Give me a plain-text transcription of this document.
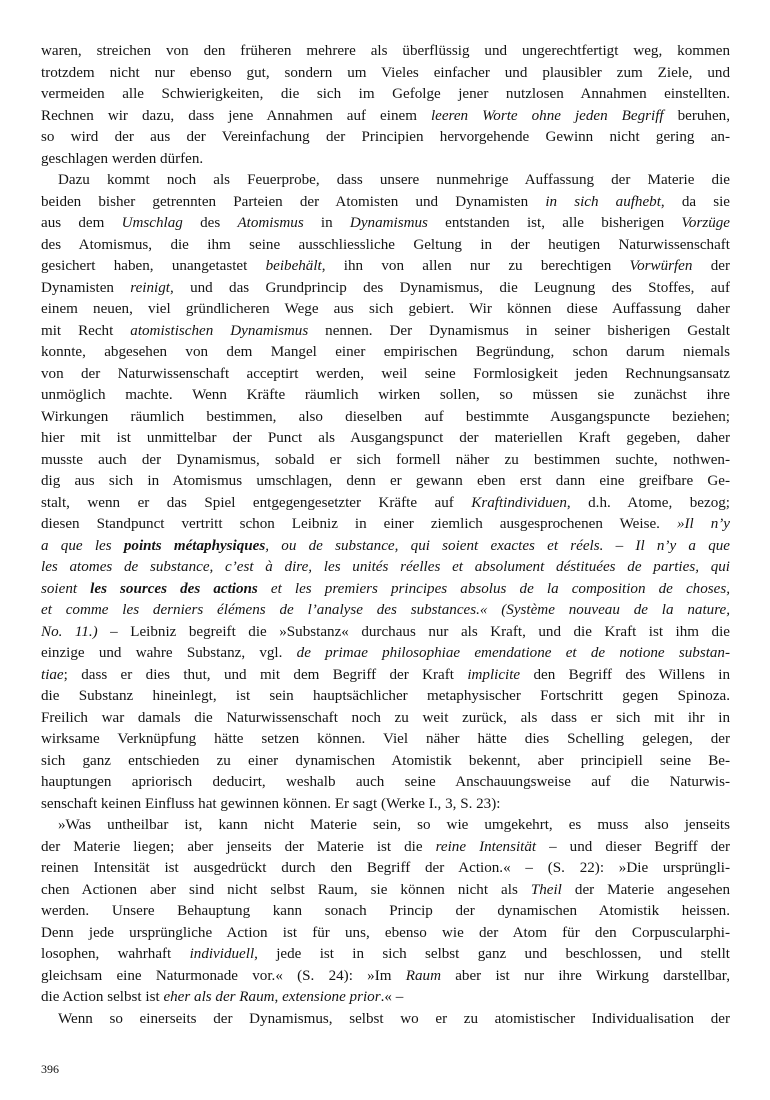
waren, streichen von den früheren mehrere als überflüssig und ungerechtfertigt weg, kommen
trotzdem nicht nur ebenso gut, sondern um Vieles einfacher und plausibler zum Ziele, und
vermeiden alle Schwierigkeiten, die sich im Gefolge jener nutzlosen Annahmen einstellten.
Rechnen wir dazu, dass jene Annahmen auf einem leeren Worte ohne jeden Begriff beruhen,
so wird der aus der Vereinfachung der Principien hervorgehende Gewinn nicht gering an-
geschlagen werden dürfen.
Dazu kommt noch als Feuerprobe, dass unsere nunmehrige Auffassung der Materie die
beiden bisher getrennten Parteien der Atomisten und Dynamisten in sich aufhebt, da sie
aus dem Umschlag des Atomismus in Dynamismus entstanden ist, alle bisherigen Vorzüge
des Atomismus, die ihm seine ausschliessliche Geltung in der heutigen Naturwissenschaft
gesichert haben, unangetastet beibehält, ihn von allen nur zu berechtigen Vorwürfen der
Dynamisten reinigt, und das Grundprincip des Dynamismus, die Leugnung des Stoffes, auf
einem neuen, viel gründlicheren Wege aus sich gebiert. Wir können diese Auffassung daher
mit Recht atomistischen Dynamismus nennen. Der Dynamismus in seiner bisherigen Gestalt
konnte, abgesehen von dem Mangel einer empirischen Begründung, schon darum niemals
von der Naturwissenschaft acceptirt werden, weil seine Formlosigkeit jeden Rechnungsansatz
unmöglich machte. Wenn Kräfte räumlich wirken sollen, so müssen sie zunächst ihre
Wirkungen räumlich bestimmen, also dieselben auf bestimmte Ausgangspuncte beziehen;
hier mit ist unmittelbar der Punct als Ausgangspunct der materiellen Kraft gegeben, daher
musste auch der Dynamismus, sobald er sich formell näher zu bestimmen suchte, nothwen-
dig aus sich in Atomismus umschlagen, denn er gewann eben erst dann eine greifbare Ge-
stalt, wenn er das Spiel entgegengesetzter Kräfte auf Kraftindividuen, d.h. Atome, bezog;
diesen Standpunct vertritt schon Leibniz in einer ziemlich ausgesprochenen Weise. »Il n’y
a que les points métaphysiques, ou de substance, qui soient exactes et réels. – Il n’y a que
les atomes de substance, c’est à dire, les unités réelles et absolument déstituées de parties, qui
soient les sources des actions et les premiers principes absolus de la composition de choses,
et comme les derniers élémens de l’analyse des substances.« (Système nouveau de la nature,
No. 11.) – Leibniz begreift die »Substanz« durchaus nur als Kraft, und die Kraft ist ihm die
einzige und wahre Substanz, vgl. de primae philosophiae emendatione et de notione substan-
tiae; dass er dies thut, und mit dem Begriff der Kraft implicite den Begriff des Willens in
die Substanz hineinlegt, ist sein hauptsächlicher metaphysischer Fortschritt gegen Spinoza.
Freilich war damals die Naturwissenschaft noch zu weit zurück, als dass er sich mit ihr in
wirksame Verknüpfung hätte setzen können. Viel näher hätte dies Schelling gelegen, der
sich ganz entschieden zu einer dynamischen Atomistik bekennt, aber principiell seine Be-
hauptungen apriorisch deducirt, weshalb auch seine Anschauungsweise auf die Naturwis-
senschaft keinen Einfluss hat gewinnen können. Er sagt (Werke I., 3, S. 23):
»Was untheilbar ist, kann nicht Materie sein, so wie umgekehrt, es muss also jenseits
der Materie liegen; aber jenseits der Materie ist die reine Intensität – und dieser Begriff der
reinen Intensität ist ausgedrückt durch den Begriff der Action.« – (S. 22): »Die ursprüngli-
chen Actionen aber sind nicht selbst Raum, sie können nicht als Theil der Materie angesehen
werden. Unsere Behauptung kann sonach Princip der dynamischen Atomistik heissen.
Denn jede ursprüngliche Action ist für uns, ebenso wie der Atom für den Corpuscularphi-
losophen, wahrhaft individuell, jede ist in sich selbst ganz und beschlossen, und stellt
gleichsam eine Naturmonade vor.« (S. 24): »Im Raum aber ist nur ihre Wirkung darstellbar,
die Action selbst ist eher als der Raum, extensione prior.« –
Wenn so einerseits der Dynamismus, selbst wo er zu atomistischer Individualisation der
396
